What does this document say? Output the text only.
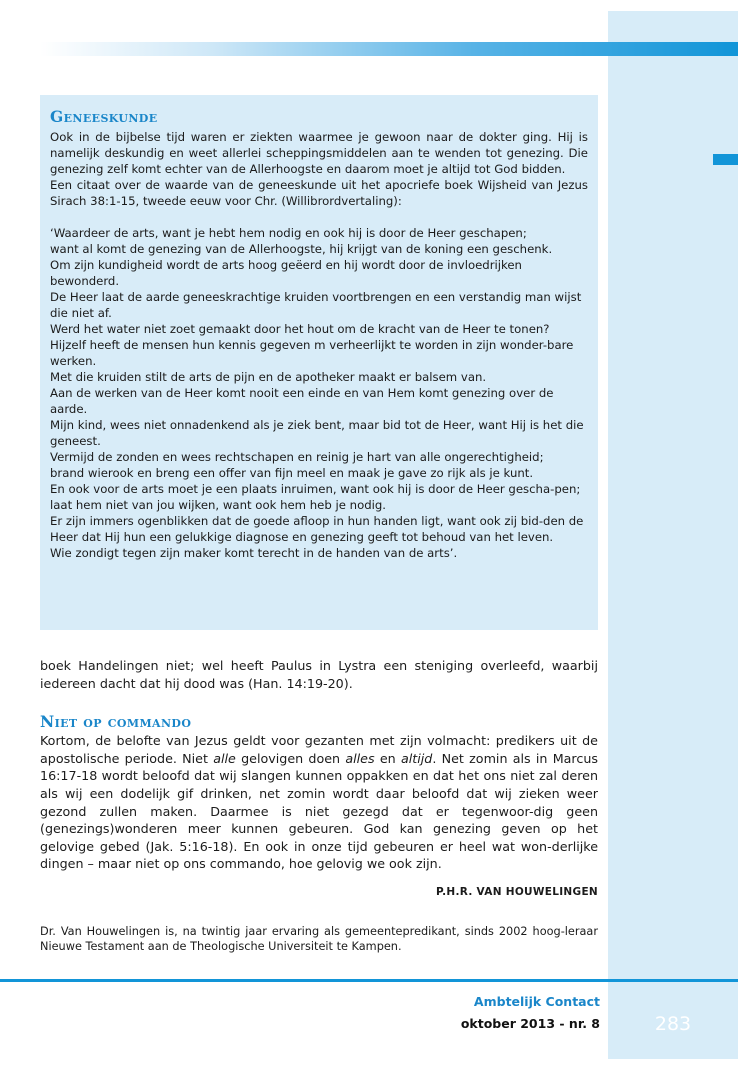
Geneeskunde

Ook in de bijbelse tijd waren er ziekten waarmee je gewoon naar de dokter ging. Hij is namelijk deskundig en weet allerlei scheppingsmiddelen aan te wenden tot genezing. Die genezing zelf komt echter van de Allerhoogste en daarom moet je altijd tot God bidden.

Een citaat over de waarde van de geneeskunde uit het apocriefe boek Wijsheid van Jezus Sirach 38:1-15, tweede eeuw voor Chr. (Willibrordvertaling):

‘Waardeer de arts, want je hebt hem nodig en ook hij is door de Heer geschapen;
want al komt de genezing van de Allerhoogste, hij krijgt van de koning een geschenk.
Om zijn kundigheid wordt de arts hoog geëerd en hij wordt door de invloedrijken bewonderd.
De Heer laat de aarde geneeskrachtige kruiden voortbrengen en een verstandig man wijst die niet af.
Werd het water niet zoet gemaakt door het hout om de kracht van de Heer te tonen?
Hijzelf heeft de mensen hun kennis gegeven m verheerlijkt te worden in zijn wonder-bare werken.
Met die kruiden stilt de arts de pijn en de apotheker maakt er balsem van.
Aan de werken van de Heer komt nooit een einde en van Hem komt genezing over de aarde.
Mijn kind, wees niet onnadenkend als je ziek bent, maar bid tot de Heer, want Hij is het die geneest.
Vermijd de zonden en wees rechtschapen en reinig je hart van alle ongerechtigheid;
brand wierook en breng een offer van fijn meel en maak je gave zo rijk als je kunt.
En ook voor de arts moet je een plaats inruimen, want ook hij is door de Heer gescha-pen;
laat hem niet van jou wijken, want ook hem heb je nodig.
Er zijn immers ogenblikken dat de goede afloop in hun handen ligt, want ook zij bid-den de Heer dat Hij hun een gelukkige diagnose en genezing geeft tot behoud van het leven.
Wie zondigt tegen zijn maker komt terecht in de handen van de arts’.

boek Handelingen niet; wel heeft Paulus in Lystra een steniging overleefd, waarbij iedereen dacht dat hij dood was (Han. 14:19-20).

Niet op commando

Kortom, de belofte van Jezus geldt voor gezanten met zijn volmacht: predikers uit de apostolische periode. Niet alle gelovigen doen alles en altijd. Net zomin als in Marcus 16:17-18 wordt beloofd dat wij slangen kunnen oppakken en dat het ons niet zal deren als wij een dodelijk gif drinken, net zomin wordt daar beloofd dat wij zieken weer gezond zullen maken. Daarmee is niet gezegd dat er tegenwoor-dig geen (genezings)wonderen meer kunnen gebeuren. God kan genezing geven op het gelovige gebed (Jak. 5:16-18). En ook in onze tijd gebeuren er heel wat won-derlijke dingen – maar niet op ons commando, hoe gelovig we ook zijn.

P.H.R. VAN HOUWELINGEN

Dr. Van Houwelingen is, na twintig jaar ervaring als gemeentepredikant, sinds 2002 hoog-leraar Nieuwe Testament aan de Theologische Universiteit te Kampen.

Ambtelijk Contact

oktober 2013 - nr. 8	283
